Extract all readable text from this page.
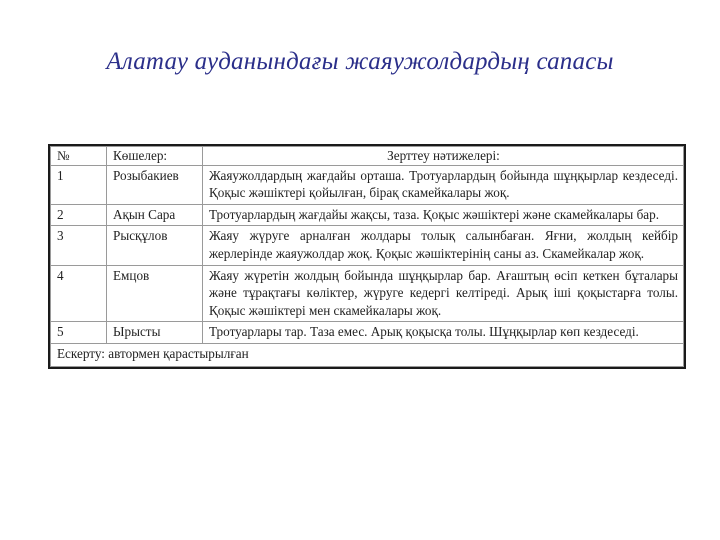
Алатау ауданындағы жаяужолдардың сапасы
№	Көшелер:	Зерттеу нәтижелері:
1	Розыбакиев	Жаяужолдардың жағдайы орташа. Тротуарлардың бойында шұңқырлар кездеседі. Қоқыс жәшіктері қойылған, бірақ скамейкалары жоқ.
2	Ақын Сара	Тротуарлардың жағдайы жақсы, таза. Қоқыс жәшіктері және скамейкалары бар.
3	Рысқұлов	Жаяу жүруге арналған жолдары толық салынбаған. Яғни, жолдың кейбір жерлерінде жаяужолдар жоқ. Қоқыс жәшіктерінің саны аз. Скамейкалар жоқ.
4	Емцов	Жаяу жүретін жолдың бойында шұңқырлар бар. Ағаштың өсіп кеткен бұталары және тұрақтағы көліктер, жүруге кедергі келтіреді. Арық іші қоқыстарға толы. Қоқыс жәшіктері мен скамейкалары жоқ.
5	Ырысты	Тротуарлары тар. Таза емес. Арық қоқысқа толы. Шұңқырлар көп кездеседі.
Ескерту: автормен қарастырылған		
